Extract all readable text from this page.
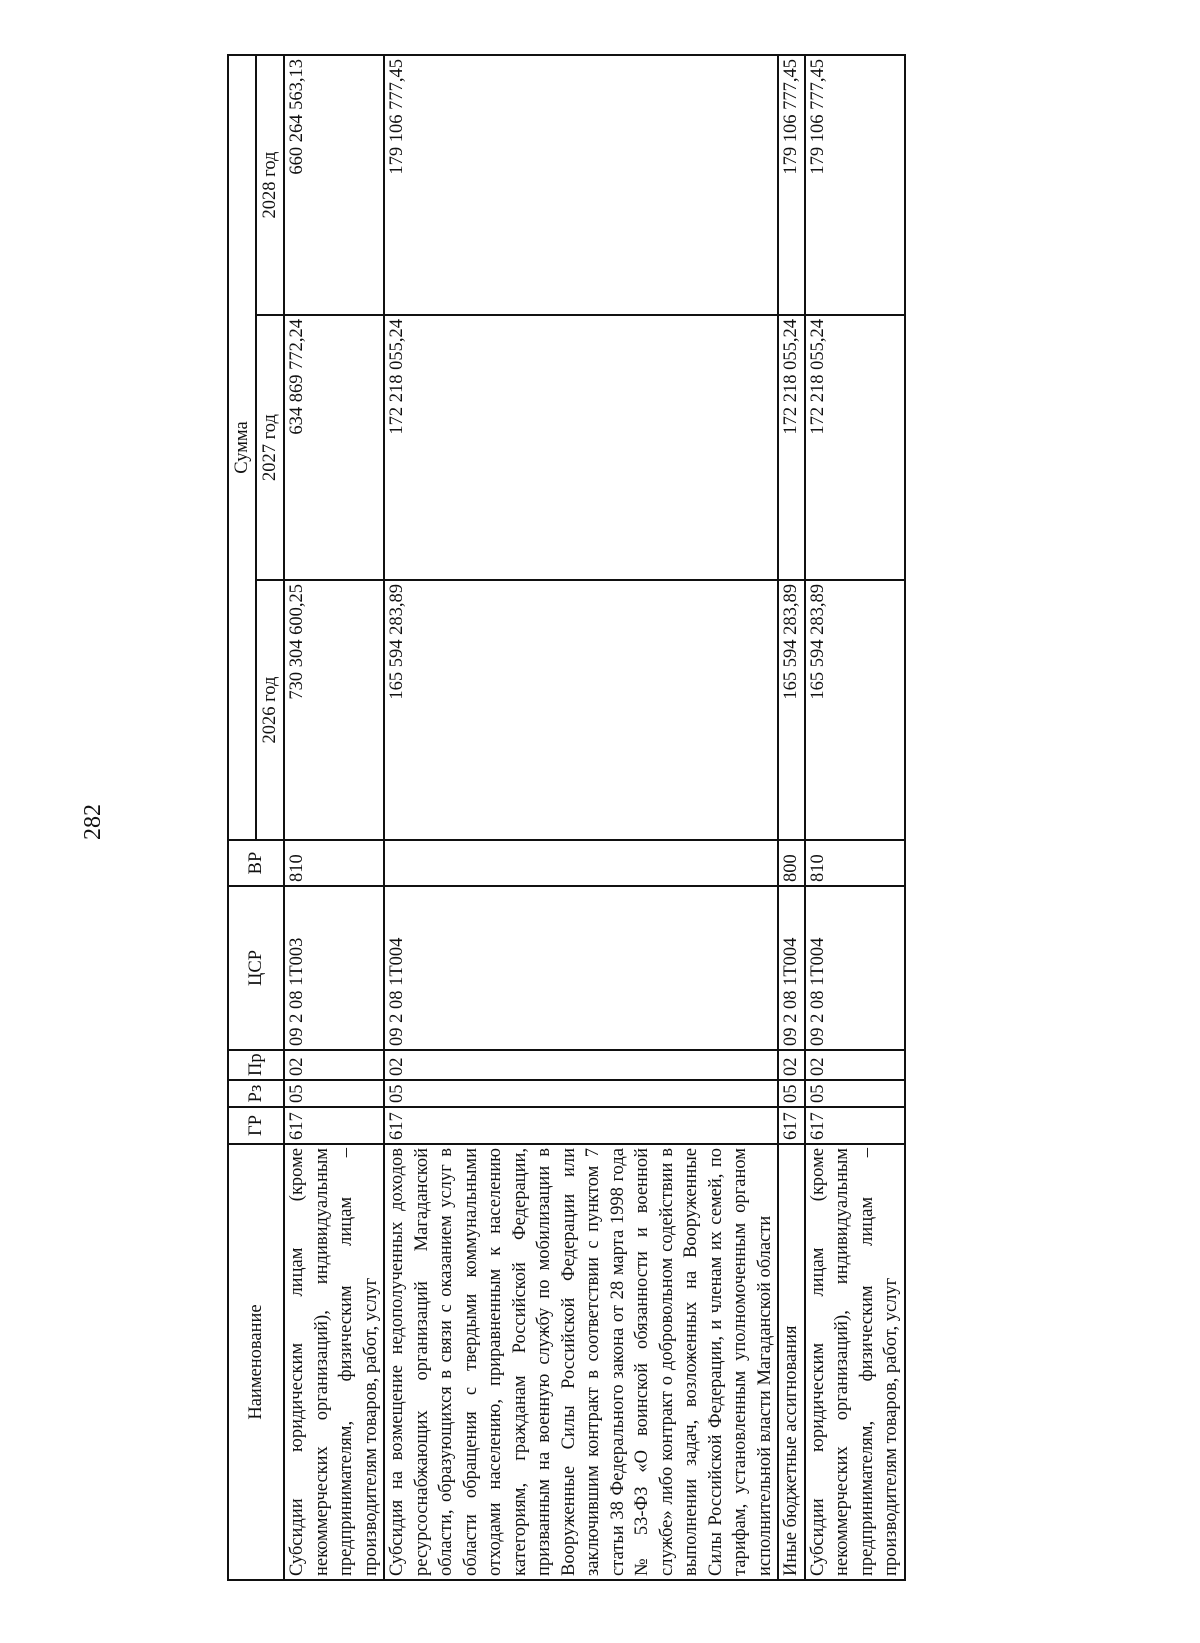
282
Наименование	ГР	Рз	Пр	ЦСР	ВР	Сумма		
						2026 год	2027 год	2028 год
Субсидии юридическим лицам (кроме некоммерческих организаций), индивидуальным предпринимателям, физическим лицам – производителям товаров, работ, услуг	617	05	02	09 2 08 1Т003	810	730 304 600,25	634 869 772,24	660 264 563,13
Субсидия на возмещение недополученных доходов ресурсоснабжающих организаций Магаданской области, образующихся в связи с оказанием услуг в области обращения с твердыми коммунальными отходами населению, приравненным к населению категориям, гражданам Российской Федерации, призванным на военную службу по мобилизации в Вооруженные Силы Российской Федерации или заключившим контракт в соответствии с пунктом 7 статьи 38 Федерального закона от 28 марта 1998 года № 53-ФЗ «О воинской обязанности и военной службе» либо контракт о добровольном содействии в выполнении задач, возложенных на Вооруженные Силы Российской Федерации, и членам их семей, по тарифам, установленным уполномоченным органом исполнительной власти Магаданской области	617	05	02	09 2 08 1Т004		165 594 283,89	172 218 055,24	179 106 777,45
Иные бюджетные ассигнования	617	05	02	09 2 08 1Т004	800	165 594 283,89	172 218 055,24	179 106 777,45
Субсидии юридическим лицам (кроме некоммерческих организаций), индивидуальным предпринимателям, физическим лицам – производителям товаров, работ, услуг	617	05	02	09 2 08 1Т004	810	165 594 283,89	172 218 055,24	179 106 777,45
